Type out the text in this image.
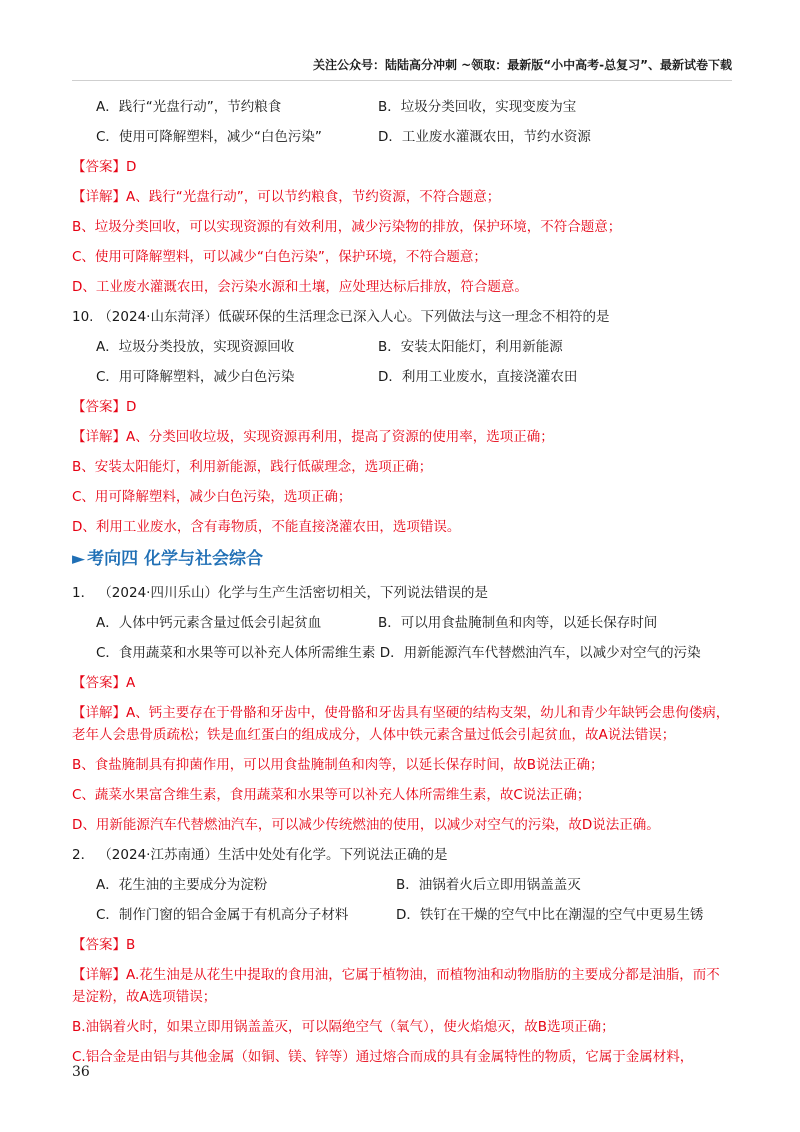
关注公众号：陆陆高分冲刺 ~领取：最新版“小中高考-总复习”、最新试卷下载
A．践行“光盘行动”，节约粮食	B．垃圾分类回收，实现变废为宝
C．使用可降解塑料，减少“白色污染”	D．工业废水灌溉农田，节约水资源
【答案】D
【详解】A、践行“光盘行动”，可以节约粮食，节约资源，不符合题意；
B、垃圾分类回收，可以实现资源的有效利用，减少污染物的排放，保护环境，不符合题意；
C、使用可降解塑料，可以减少“白色污染”，保护环境，不符合题意；
D、工业废水灌溉农田，会污染水源和土壤，应处理达标后排放，符合题意。
10. （2024·山东菏泽）低碳环保的生活理念已深入人心。下列做法与这一理念不相符的是
A．垃圾分类投放，实现资源回收	B．安装太阳能灯，利用新能源
C．用可降解塑料，减少白色污染	D．利用工业废水，直接浇灌农田
【答案】D
【详解】A、分类回收垃圾，实现资源再利用，提高了资源的使用率，选项正确；
B、安装太阳能灯，利用新能源，践行低碳理念，选项正确；
C、用可降解塑料，减少白色污染，选项正确；
D、利用工业废水，含有毒物质，不能直接浇灌农田，选项错误。
► 考向四 化学与社会综合
1． （2024·四川乐山）化学与生产生活密切相关，下列说法错误的是
A．人体中钙元素含量过低会引起贫血	B．可以用食盐腌制鱼和肉等，以延长保存时间
C．食用蔬菜和水果等可以补充人体所需维生素 D．用新能源汽车代替燃油汽车，以减少对空气的污染
【答案】A
【详解】A、钙主要存在于骨骼和牙齿中，使骨骼和牙齿具有坚硬的结构支架，幼儿和青少年缺钙会患佝偻病，老年人会患骨质疏松；铁是血红蛋白的组成成分，人体中铁元素含量过低会引起贫血，故A说法错误；
B、食盐腌制具有抑菌作用，可以用食盐腌制鱼和肉等，以延长保存时间，故B说法正确；
C、蔬菜水果富含维生素，食用蔬菜和水果等可以补充人体所需维生素，故C说法正确；
D、用新能源汽车代替燃油汽车，可以减少传统燃油的使用，以减少对空气的污染，故D说法正确。
2． （2024·江苏南通）生活中处处有化学。下列说法正确的是
A．花生油的主要成分为淀粉	B．油锅着火后立即用锅盖盖灭
C．制作门窗的铝合金属于有机高分子材料	D．铁钉在干燥的空气中比在潮湿的空气中更易生锈
【答案】B
【详解】A.花生油是从花生中提取的食用油，它属于植物油，而植物油和动物脂肪的主要成分都是油脂，而不是淀粉，故A选项错误；
B.油锅着火时，如果立即用锅盖盖灭，可以隔绝空气（氧气），使火焰熄灭，故B选项正确；
C.铝合金是由铝与其他金属（如铜、镁、锌等）通过熔合而成的具有金属特性的物质，它属于金属材料，
36
